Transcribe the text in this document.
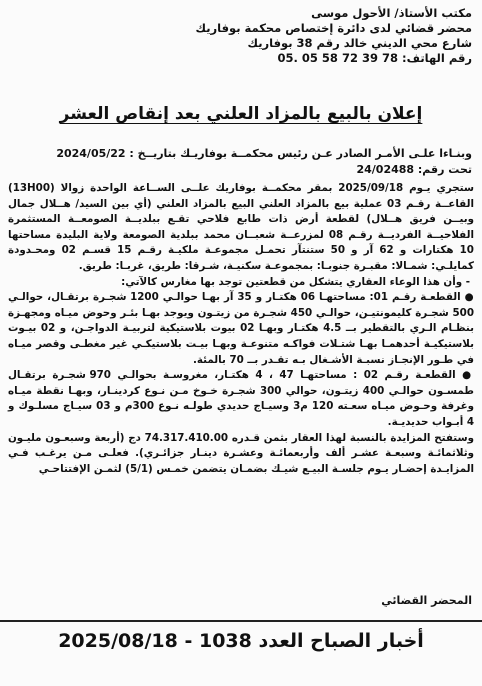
مكتب الأستاذ/ الأحول موسى
محضر قضائي لدى دائرة إختصاص محكمة بوفاريك
شارع محي الديني خالد رقم 38 بوفاريك
رقم الهاتف: 78 39 72 58 05 .05
إعلان بالبيع بالمزاد العلني بعد إنقاص العشر
وبنـاءا علـى الأمـر الصادر عـن رئيس محكمــة بوفاريـك بتاريــخ : 2024/05/22
تحت رقم: 24/02488

ستجري يـوم 2025/09/18 بمقر محكمــة بوفاريك علــى الســاعة الواحدة زوالا (13H00) القاعــة رقـم 03 عملية بيع بالمزاد العلني البيع بالمزاد العلني (أي بين السيد/ هــلال جمال وبيــن فريق هــلال) لقطعة أرض ذات طابع فلاحي تقـع ببلديــة الصومعــة المستثمرة الفلاحيــة الفرديــة رقـم 08 لمزرعــة شعبــان محمد ببلدية الصومعة ولاية البليدة مساحتها 10 هكتارات و 62 آر و 50 ستنتآر تحمـل مجموعـة ملكيـة رقـم 15 قسـم 02 ومحـدودة كمايلـي: شمـالا: مقبـرة جنوبـا: بمجموعـة سكنيـة، شـرقا: طريق، غربـا: طريق.

- وأن هذا الوعاء العقاري يتشكل من قطعتين توجد بها مغارس كالآتي:

● القطعـة رقـم 01: مساحتهـا 06 هكتـار و 35 آر بهـا حوالـي 1200 شجـرة برتقـال، حوالـي 500 شجـرة كليمونتيـن، حوالـي 450 شجـرة من زيتـون ويوجد بهـا بئـر وحوض ميـاه ومجهـزة بنظـام الـري بالتقطير بــ 4.5 هكتـار وبهـا 02 بيوت بلاستيكية لتربيـة الدواجـن، و 02 بيـوت بلاستيكيـة أحدهمـا بهـا شتـلات فواكـه متنوعـة وبهـا بيـت بلاستيكـي غير مغطـى وقصر ميـاه في طـور الإنجـاز نسبـة الأشـغال بـه تقـدر بــ 70 بالمئة.

● القطعـة رقـم 02 : مساحتهـا 47 ، 4 هكتـار، مغروسـة بحوالـي 970 شجـرة برتقـال طمسـون حوالـي 400 زيتـون، حوالي 300 شجـرة خـوخ مـن نـوع كردينـار، وبهـا نقطة ميـاه وغرفة وحـوض ميـاه سعـته 120 م3 وسيـاج حديدي طولـه نـوع 300م و 03 سيـاج مسلـوك و 4 أبـواب حديديـة.

وستفتح المزايدة بالنسبة لهذا العقار بثمن قـدره 74.317.410.00 دج (أربعة وسبعـون مليـون وثلاثمائـة وسبعـة عشـر ألف وأربعمائـة وعشـرة دينـار جزائـري). فعلـى مـن يرغـب فـي المزايـدة إحضـار يـوم جلسـة البيـع شيـك بضمـان يتضمن خمـس (5/1) لثمـن الإفتتاحـي

المحضر القضائي
أخبار الصباح العدد 1038 - 2025/08/18
